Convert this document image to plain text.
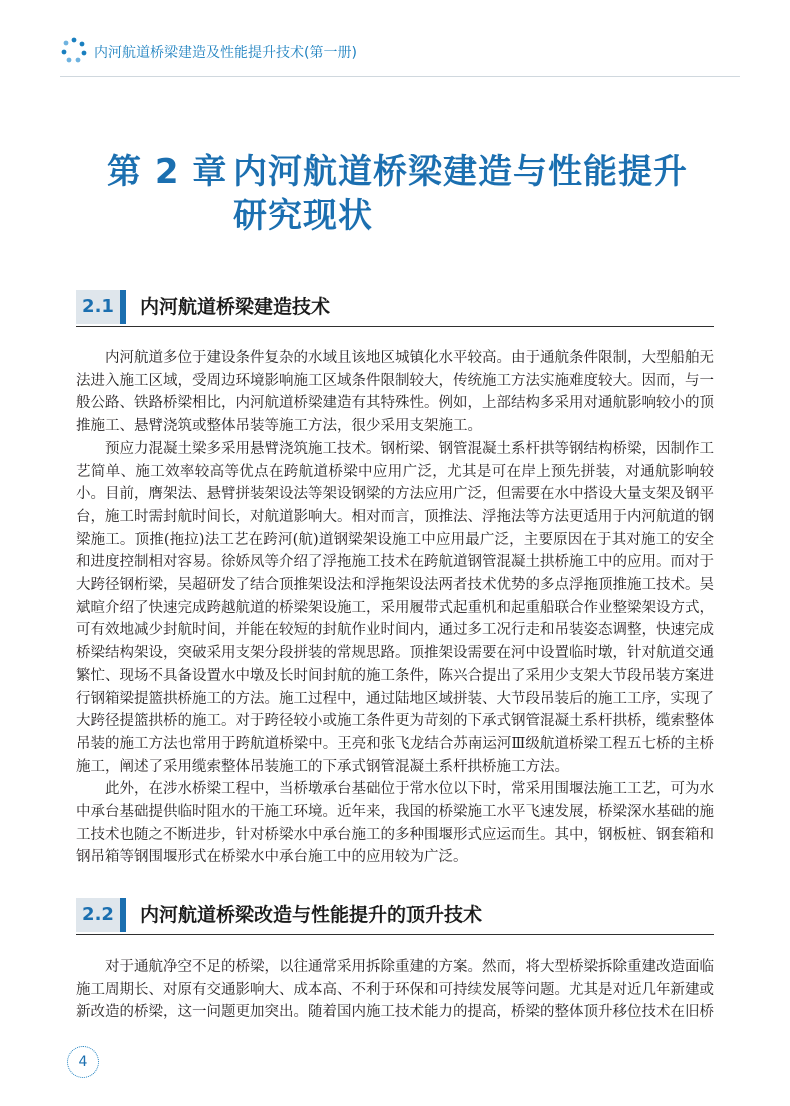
内河航道桥梁建造及性能提升技术(第一册)
第 2 章 内河航道桥梁建造与性能提升
研究现状
2.1	内河航道桥梁建造技术

内河航道多位于建设条件复杂的水域且该地区城镇化水平较高。由于通航条件限制，大型船舶无法进入施工区域，受周边环境影响施工区域条件限制较大，传统施工方法实施难度较大。因而，与一般公路、铁路桥梁相比，内河航道桥梁建造有其特殊性。例如，上部结构多采用对通航影响较小的顶推施工、悬臂浇筑或整体吊装等施工方法，很少采用支架施工。

预应力混凝土梁多采用悬臂浇筑施工技术。钢桁梁、钢管混凝土系杆拱等钢结构桥梁，因制作工艺简单、施工效率较高等优点在跨航道桥梁中应用广泛，尤其是可在岸上预先拼装，对通航影响较小。目前，膺架法、悬臂拼装架设法等架设钢梁的方法应用广泛，但需要在水中搭设大量支架及钢平台，施工时需封航时间长，对航道影响大。相对而言，顶推法、浮拖法等方法更适用于内河航道的钢梁施工。顶推(拖拉)法工艺在跨河(航)道钢梁架设施工中应用最广泛，主要原因在于其对施工的安全和进度控制相对容易。徐娇凤等介绍了浮拖施工技术在跨航道钢管混凝土拱桥施工中的应用。而对于大跨径钢桁梁，吴超研发了结合顶推架设法和浮拖架设法两者技术优势的多点浮拖顶推施工技术。吴斌暄介绍了快速完成跨越航道的桥梁架设施工，采用履带式起重机和起重船联合作业整梁架设方式，可有效地减少封航时间，并能在较短的封航作业时间内，通过多工况行走和吊装姿态调整，快速完成桥梁结构架设，突破采用支架分段拼装的常规思路。顶推架设需要在河中设置临时墩，针对航道交通繁忙、现场不具备设置水中墩及长时间封航的施工条件，陈兴合提出了采用少支架大节段吊装方案进行钢箱梁提篮拱桥施工的方法。施工过程中，通过陆地区域拼装、大节段吊装后的施工工序，实现了大跨径提篮拱桥的施工。对于跨径较小或施工条件更为苛刻的下承式钢管混凝土系杆拱桥，缆索整体吊装的施工方法也常用于跨航道桥梁中。王亮和张飞龙结合苏南运河Ⅲ级航道桥梁工程五七桥的主桥施工，阐述了采用缆索整体吊装施工的下承式钢管混凝土系杆拱桥施工方法。

此外，在涉水桥梁工程中，当桥墩承台基础位于常水位以下时，常采用围堰法施工工艺，可为水中承台基础提供临时阻水的干施工环境。近年来，我国的桥梁施工水平飞速发展，桥梁深水基础的施工技术也随之不断进步，针对桥梁水中承台施工的多种围堰形式应运而生。其中，钢板桩、钢套箱和钢吊箱等钢围堰形式在桥梁水中承台施工中的应用较为广泛。

2.2	内河航道桥梁改造与性能提升的顶升技术

对于通航净空不足的桥梁，以往通常采用拆除重建的方案。然而，将大型桥梁拆除重建改造面临施工周期长、对原有交通影响大、成本高、不利于环保和可持续发展等问题。尤其是对近几年新建或新改造的桥梁，这一问题更加突出。随着国内施工技术能力的提高，桥梁的整体顶升移位技术在旧桥

4
